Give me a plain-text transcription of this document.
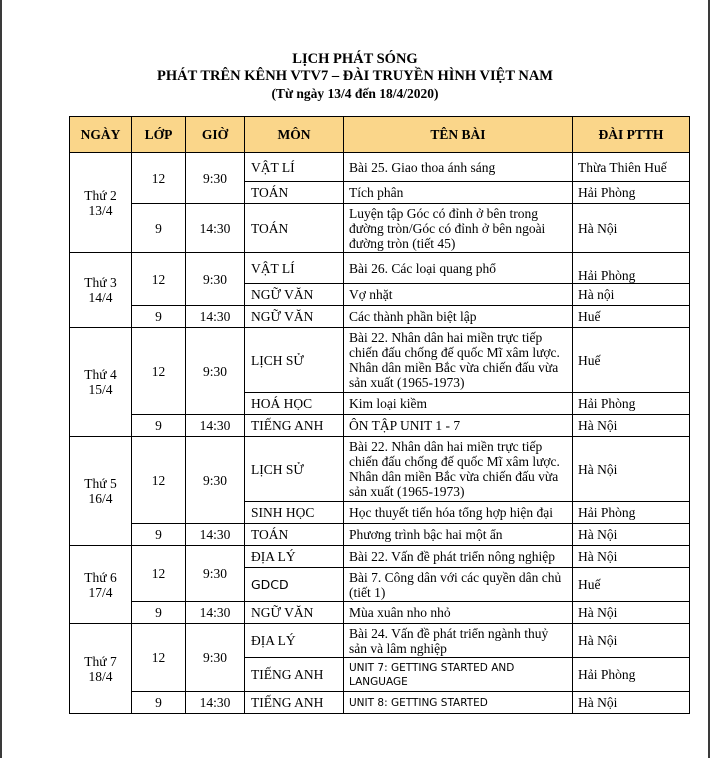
LỊCH PHÁT SÓNG
PHÁT TRÊN KÊNH VTV7 – ĐÀI TRUYỀN HÌNH VIỆT NAM
(Từ ngày 13/4 đến 18/4/2020)
NGÀY	LỚP	GIỜ	MÔN	TÊN BÀI	ĐÀI PTTH
Thứ 2
13/4	12	9:30	VẬT LÍ	Bài 25. Giao thoa ánh sáng	Thừa Thiên Huế
			TOÁN	Tích phân	Hải Phòng
	9	14:30	TOÁN	Luyện tập Góc có đỉnh ở bên trong đường tròn/Góc có đỉnh ở bên ngoài đường tròn (tiết 45)	Hà Nội
Thứ 3
14/4	12	9:30	VẬT LÍ	Bài 26. Các loại quang phổ	Hải Phòng
			NGỮ VĂN	Vợ nhặt	Hà nội
	9	14:30	NGỮ VĂN	Các thành phần biệt lập	Huế
Thứ 4
15/4	12	9:30	LỊCH SỬ	Bài 22. Nhân dân hai miền trực tiếp chiến đấu chống đế quốc Mĩ xâm lược. Nhân dân miền Bắc vừa chiến đấu vừa sản xuất (1965-1973)	Huế
			HOÁ HỌC	Kim loại kiềm	Hải Phòng
	9	14:30	TIẾNG ANH	ÔN TẬP UNIT 1 - 7	Hà Nội
Thứ 5
16/4	12	9:30	LỊCH SỬ	Bài 22. Nhân dân hai miền trực tiếp chiến đấu chống đế quốc Mĩ xâm lược. Nhân dân miền Bắc vừa chiến đấu vừa sản xuất (1965-1973)	Hà Nội
			SINH HỌC	Học thuyết tiến hóa tổng hợp hiện đại	Hải Phòng
	9	14:30	TOÁN	Phương trình bậc hai một ẩn	Hà Nội
Thứ 6
17/4	12	9:30	ĐỊA LÝ	Bài 22. Vấn đề phát triển nông nghiệp	Hà Nội
			GDCD	Bài 7. Công dân với các quyền dân chủ (tiết 1)	Huế
	9	14:30	NGỮ VĂN	Mùa xuân nho nhỏ	Hà Nội
Thứ 7
18/4	12	9:30	ĐỊA LÝ	Bài 24. Vấn đề phát triển ngành thuỷ sản và lâm nghiệp	Hà Nội
			TIẾNG ANH	UNIT 7: GETTING STARTED AND LANGUAGE	Hải Phòng
	9	14:30	TIẾNG ANH	UNIT 8: GETTING STARTED	Hà Nội
